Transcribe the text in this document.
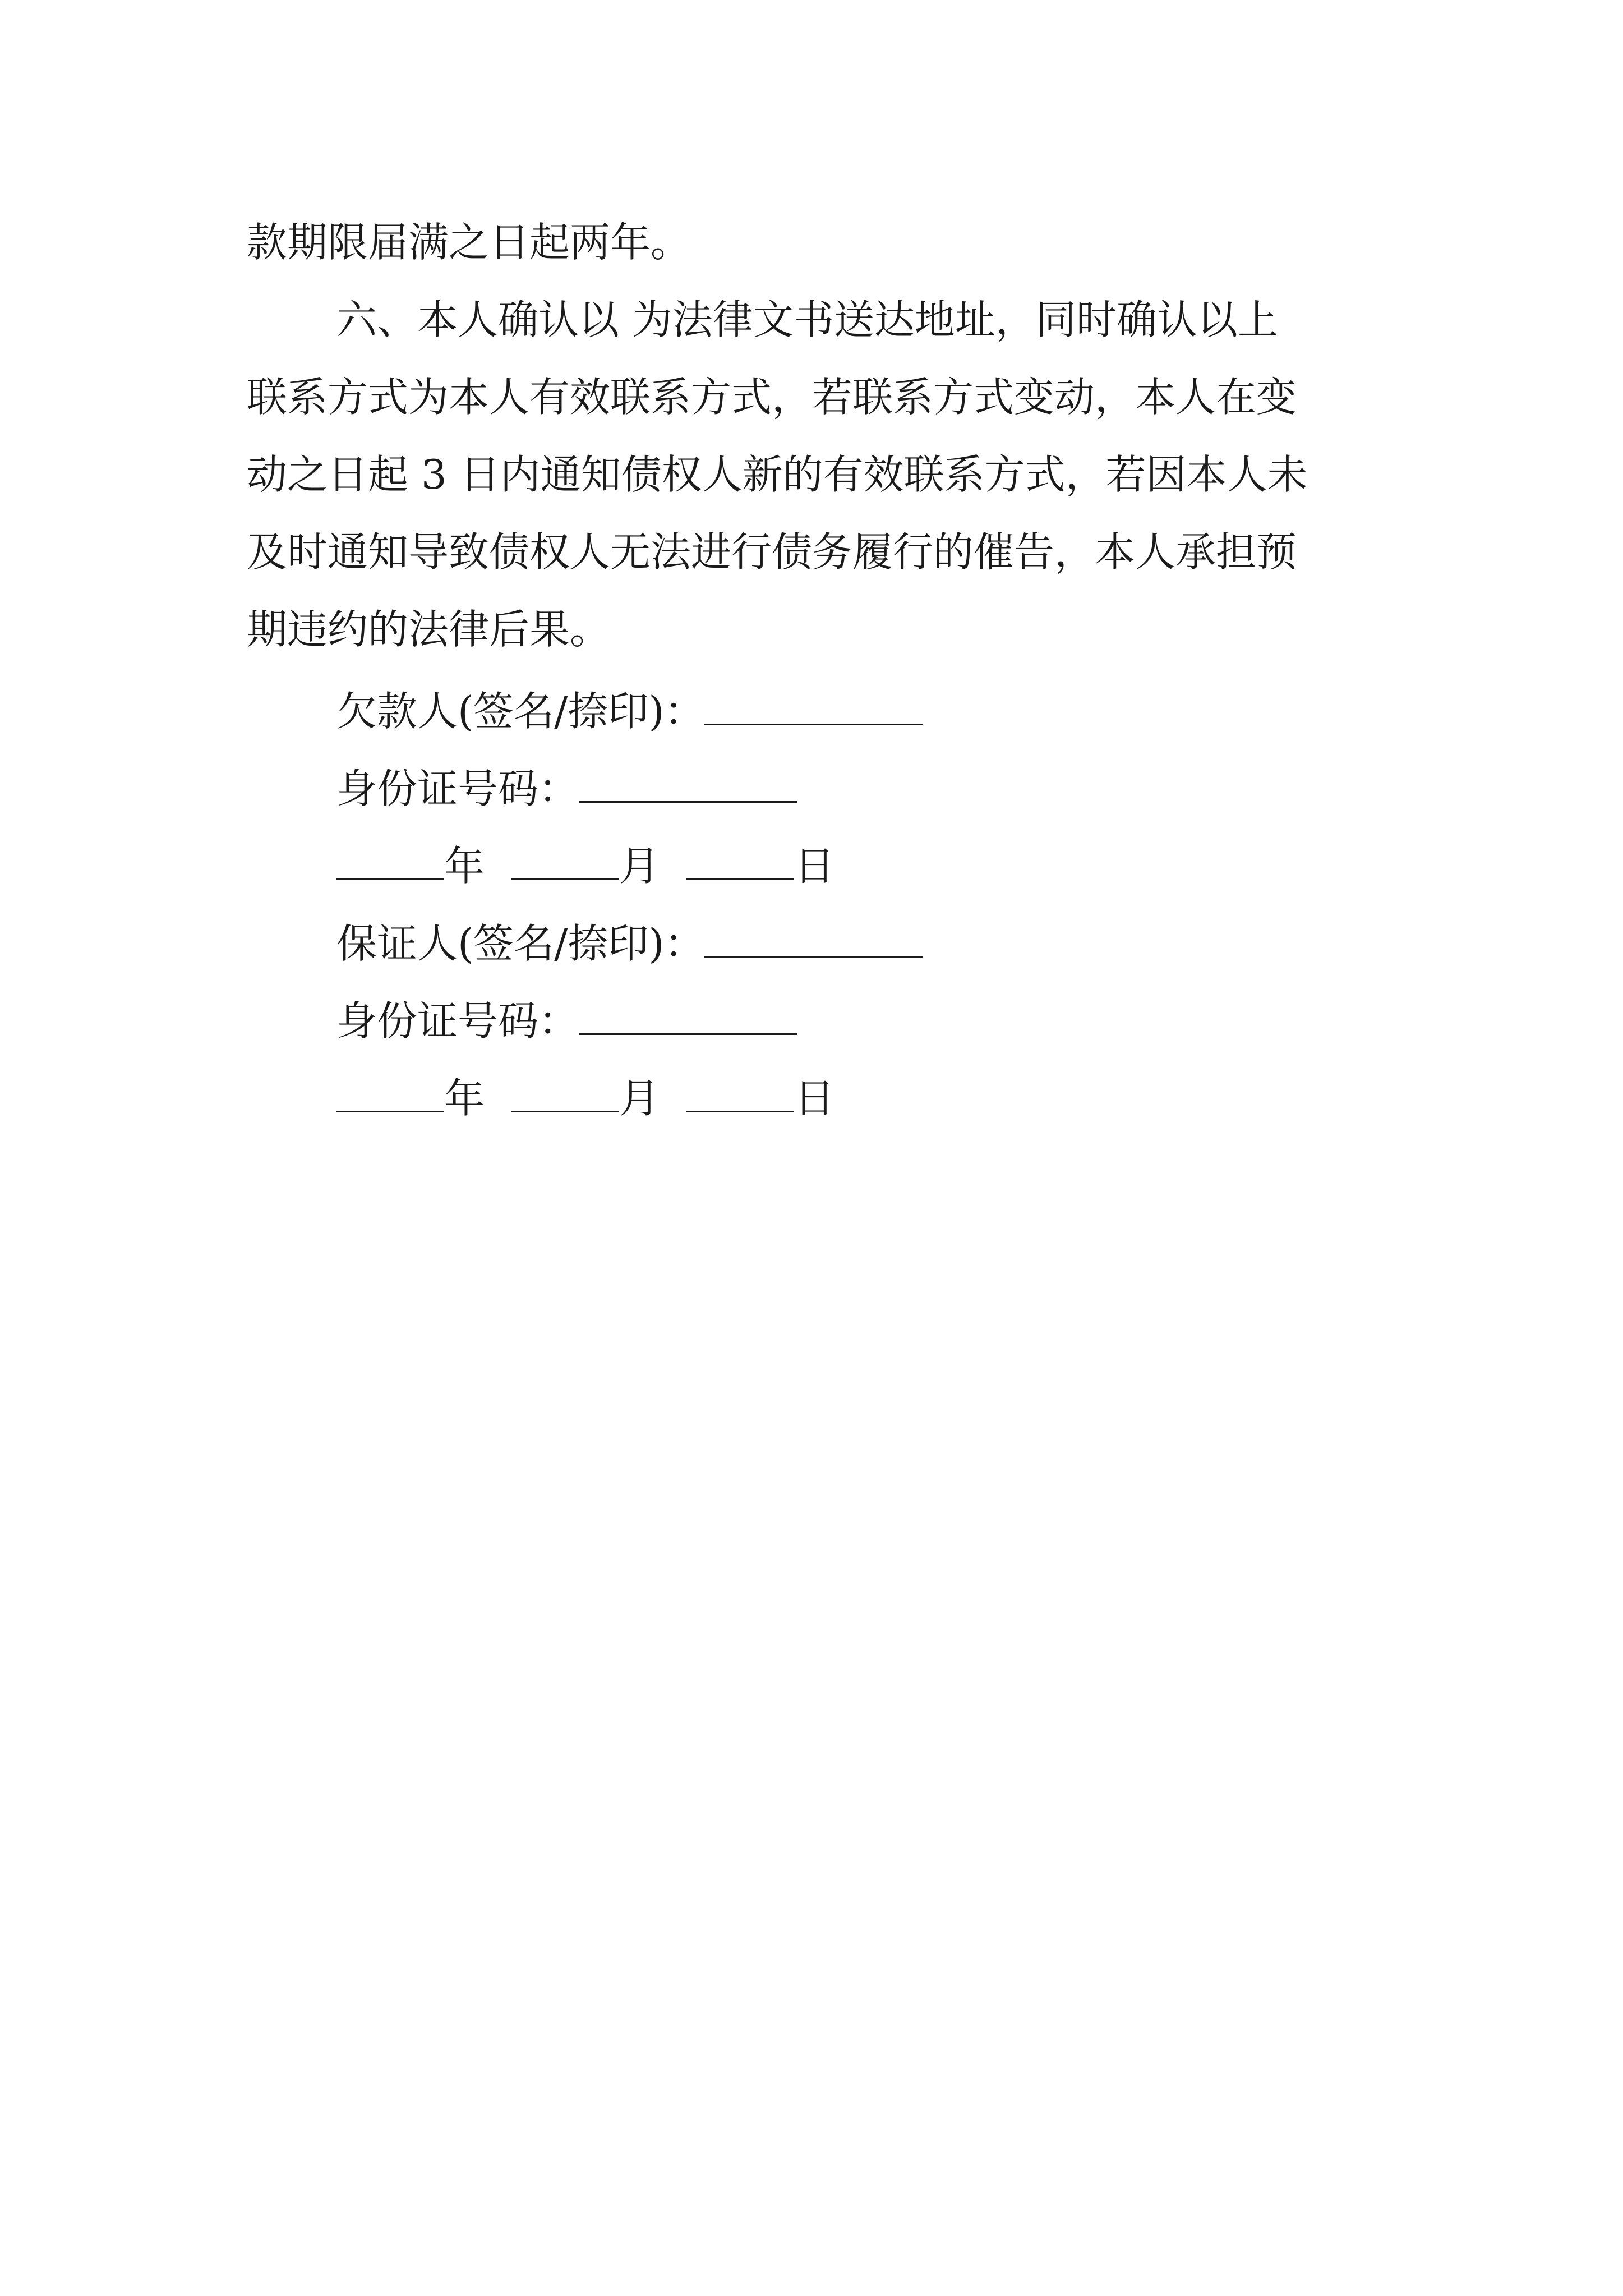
款期限届满之日起两年。
六、本人确认以 为法律文书送达地址，同时确认以上
联系方式为本人有效联系方式，若联系方式变动，本人在变
动之日起 3 日内通知债权人新的有效联系方式，若因本人未
及时通知导致债权人无法进行债务履行的催告，本人承担预
期违约的法律后果。
欠款人(签名/捺印)：
身份证号码：
年	月	日
保证人(签名/捺印)：
身份证号码：
年	月	日
